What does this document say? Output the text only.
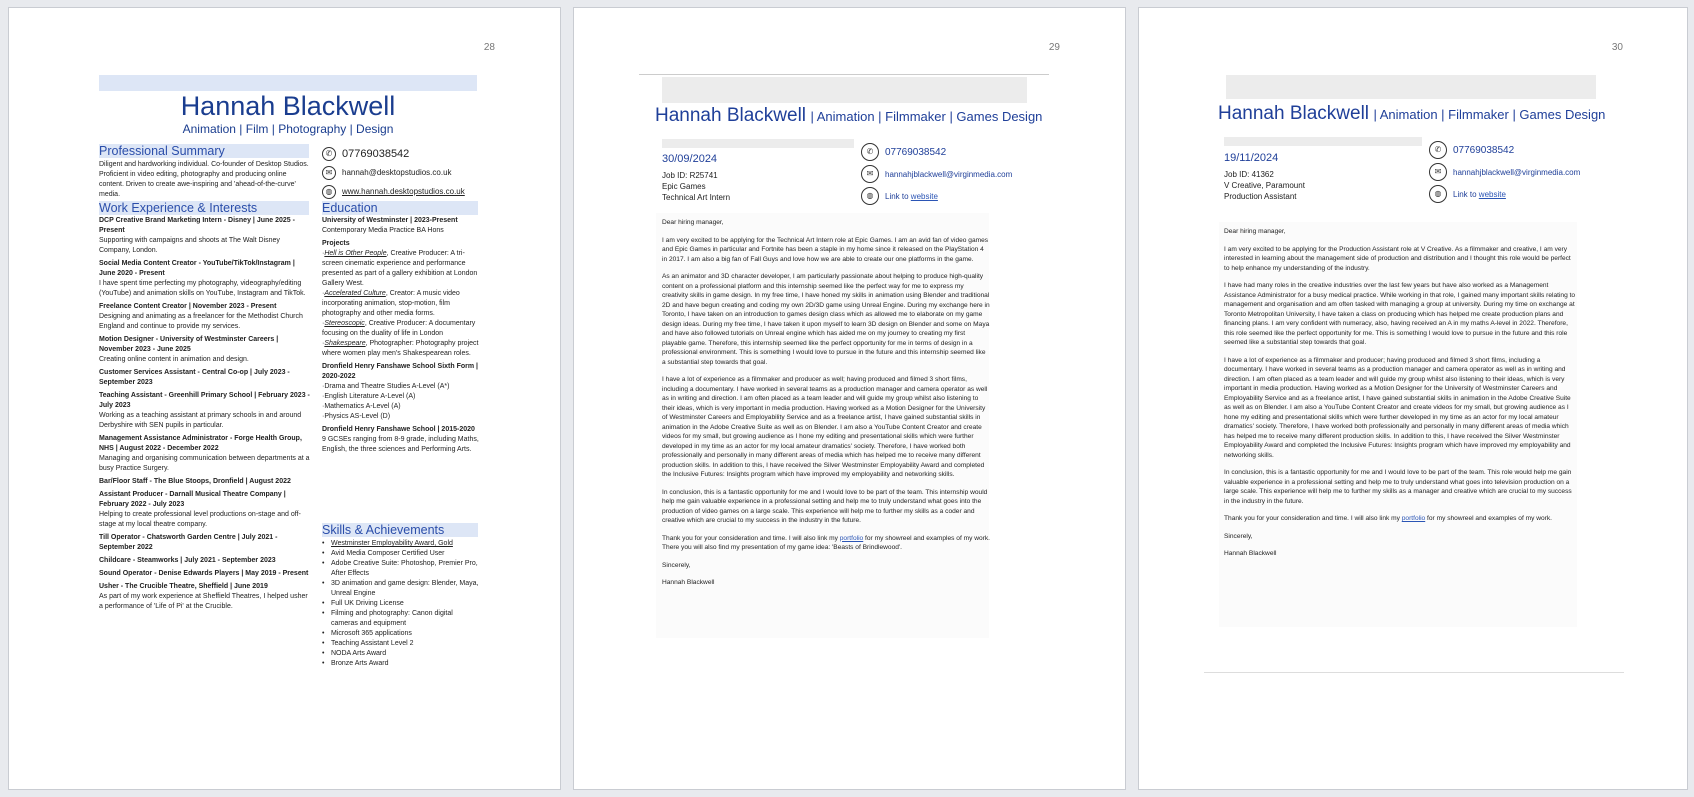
28
Hannah Blackwell
Animation | Film | Photography | Design
Professional Summary
Diligent and hardworking individual. Co-founder of Desktop Studios. Proficient in video editing, photography and producing online content. Driven to create awe-inspiring and 'ahead-of-the-curve' media.
Work Experience & Interests

DCP Creative Brand Marketing Intern - Disney | June 2025 - Present

Supporting with campaigns and shoots at The Walt Disney Company, London.

Social Media Content Creator - YouTube/TikTok/Instagram | June 2020 - Present

I have spent time perfecting my photography, videography/editing (YouTube) and animation skills on YouTube, Instagram and TikTok.

Freelance Content Creator | November 2023 - Present

Designing and animating as a freelancer for the Methodist Church England and continue to provide my services.

Motion Designer - University of Westminster Careers | November 2023 - June 2025

Creating online content in animation and design.

Customer Services Assistant - Central Co-op | July 2023 - September 2023

Teaching Assistant - Greenhill Primary School | February 2023 - July 2023

Working as a teaching assistant at primary schools in and around Derbyshire with SEN pupils in particular.

Management Assistance Administrator - Forge Health Group, NHS | August 2022 - December 2022

Managing and organising communication between departments at a busy Practice Surgery.

Bar/Floor Staff - The Blue Stoops, Dronfield | August 2022

Assistant Producer - Darnall Musical Theatre Company | February 2022 - July 2023

Helping to create professional level productions on-stage and off-stage at my local theatre company.

Till Operator - Chatsworth Garden Centre | July 2021 - September 2022

Childcare - Steamworks | July 2021 - September 2023

Sound Operator - Denise Edwards Players | May 2019 - Present

Usher - The Crucible Theatre, Sheffield | June 2019

As part of my work experience at Sheffield Theatres, I helped usher a performance of 'Life of Pi' at the Crucible.

✆ 07769038542
✉	hannah@desktopstudios.co.uk
◍	www.hannah.desktopstudios.co.uk
Education

University of Westminster | 2023-Present

Contemporary Media Practice BA Hons

Projects

·Hell is Other People, Creative Producer: A tri-screen cinematic experience and performance presented as part of a gallery exhibition at London Gallery West.

·Accelerated Culture, Creator: A music video incorporating animation, stop-motion, film photography and other media forms.

·Stereoscopic, Creative Producer: A documentary focusing on the duality of life in London

·Shakespeare, Photographer: Photography project where women play men's Shakespearean roles.

Dronfield Henry Fanshawe School Sixth Form | 2020-2022

·Drama and Theatre Studies A-Level (A*)

·English Literature A-Level (A)

·Mathematics A-Level (A)

·Physics AS-Level (D)

Dronfield Henry Fanshawe School | 2015-2020

9 GCSEs ranging from 8-9 grade, including Maths, English, the three sciences and Performing Arts.

Skills & Achievements
• Westminster Employability Award, Gold
• Avid Media Composer Certified User
• Adobe Creative Suite: Photoshop, Premier Pro, After Effects
• 3D animation and game design: Blender, Maya, Unreal Engine
• Full UK Driving License
• Filming and photography: Canon digital cameras and equipment
• Microsoft 365 applications
• Teaching Assistant Level 2
• NODA Arts Award
• Bronze Arts Award
29
Hannah Blackwell | Animation | Filmmaker | Games Design
30/09/2024

Job ID: R25741

Epic Games

Technical Art Intern

✆	07769038542
✉	hannahjblackwell@virginmedia.com
◍	Link to website

Dear hiring manager,

I am very excited to be applying for the Technical Art Intern role at Epic Games. I am an avid fan of video games and Epic Games in particular and Fortnite has been a staple in my home since it released on the PlayStation 4 in 2017. I am also a big fan of Fall Guys and love how we are able to create our one platforms in the game.

As an animator and 3D character developer, I am particularly passionate about helping to produce high-quality content on a professional platform and this internship seemed like the perfect way for me to express my creativity skills in game design. In my free time, I have honed my skills in animation using Blender and traditional 2D and have begun creating and coding my own 2D/3D game using Unreal Engine. During my exchange here in Toronto, I have taken on an introduction to games design class which as allowed me to elaborate on my game design ideas. During my free time, I have taken it upon myself to learn 3D design on Blender and some on Maya and have also followed tutorials on Unreal engine which has aided me on my journey to creating my first playable game. Therefore, this internship seemed like the perfect opportunity for me in terms of design in a professional environment. This is something I would love to pursue in the future and this internship seemed like a substantial step towards that goal.

I have a lot of experience as a filmmaker and producer as well; having produced and filmed 3 short films, including a documentary. I have worked in several teams as a production manager and camera operator as well as in writing and direction. I am often placed as a team leader and will guide my group whilst also listening to their ideas, which is very important in media production. Having worked as a Motion Designer for the University of Westminster Careers and Employability Service and as a freelance artist, I have gained substantial skills in animation in the Adobe Creative Suite as well as on Blender. I am also a YouTube Content Creator and create videos for my small, but growing audience as I hone my editing and presentational skills which were further developed in my time as an actor for my local amateur dramatics' society. Therefore, I have worked both professionally and personally in many different areas of media which has helped me to receive many different production skills. In addition to this, I have received the Silver Westminster Employability Award and completed the Inclusive Futures: Insights program which have improved my employability and networking skills.

In conclusion, this is a fantastic opportunity for me and I would love to be part of the team. This internship would help me gain valuable experience in a professional setting and help me to truly understand what goes into the production of video games on a large scale. This experience will help me to further my skills as a coder and creative which are crucial to my success in the industry in the future.

Thank you for your consideration and time. I will also link my portfolio for my showreel and examples of my work. There you will also find my presentation of my game idea: 'Beasts of Brindlewood'.

Sincerely,

Hannah Blackwell

30
Hannah Blackwell | Animation | Filmmaker | Games Design
19/11/2024

Job ID: 41362

V Creative, Paramount

Production Assistant

✆	07769038542
✉	hannahjblackwell@virginmedia.com
◍	Link to website

Dear hiring manager,

I am very excited to be applying for the Production Assistant role at V Creative. As a filmmaker and creative, I am very interested in learning about the management side of production and distribution and I thought this role would be perfect to help enhance my understanding of the industry.

I have had many roles in the creative industries over the last few years but have also worked as a Management Assistance Administrator for a busy medical practice. While working in that role, I gained many important skills relating to management and organisation and am often tasked with managing a group at university. During my time on exchange at Toronto Metropolitan University, I have taken a class on producing which has helped me create production plans and financing plans. I am very confident with numeracy, also, having received an A in my maths A-level in 2022. Therefore, this role seemed like the perfect opportunity for me. This is something I would love to pursue in the future and this role seemed like a substantial step towards that goal.

I have a lot of experience as a filmmaker and producer; having produced and filmed 3 short films, including a documentary. I have worked in several teams as a production manager and camera operator as well as in writing and direction. I am often placed as a team leader and will guide my group whilst also listening to their ideas, which is very important in media production. Having worked as a Motion Designer for the University of Westminster Careers and Employability Service and as a freelance artist, I have gained substantial skills in animation in the Adobe Creative Suite as well as on Blender. I am also a YouTube Content Creator and create videos for my small, but growing audience as I hone my editing and presentational skills which were further developed in my time as an actor for my local amateur dramatics' society. Therefore, I have worked both professionally and personally in many different areas of media which has helped me to receive many different production skills. In addition to this, I have received the Silver Westminster Employability Award and completed the Inclusive Futures: Insights program which have improved my employability and networking skills.

In conclusion, this is a fantastic opportunity for me and I would love to be part of the team. This role would help me gain valuable experience in a professional setting and help me to truly understand what goes into television production on a large scale. This experience will help me to further my skills as a manager and creative which are crucial to my success in the industry in the future.

Thank you for your consideration and time. I will also link my portfolio for my showreel and examples of my work.

Sincerely,

Hannah Blackwell
